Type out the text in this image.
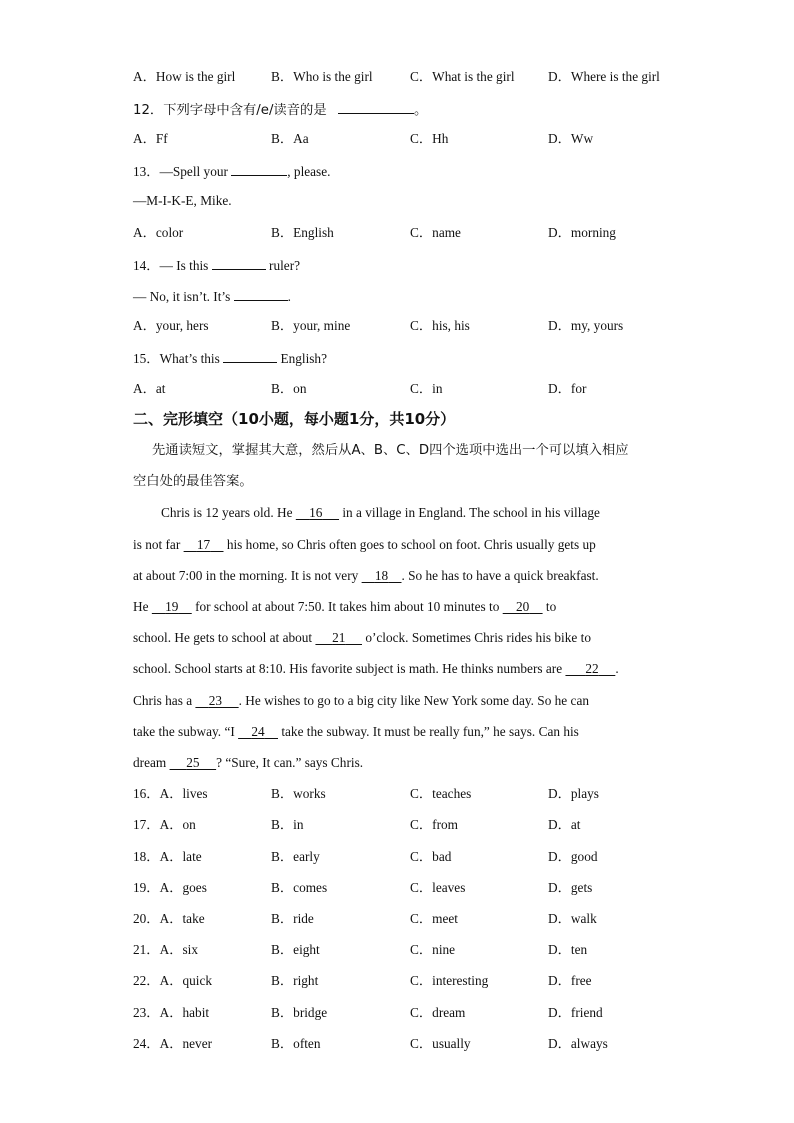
A．How is the girl	B．Who is the girl	C．What is the girl	D．Where is the girl
12．下列字母中含有/e/读音的是	。
A．Ff	B．Aa	C．Hh	D．Ww
13．—Spell your	, please.
—M-I-K-E, Mike.
A．color	B．English	C．name	D．morning
14．— Is this	ruler?
— No, it isn’t. It’s	.
A．your, hers	B．your, mine	C．his, his	D．my, yours
15．What’s this	English?
A．at	B．on	C．in	D．for
二、完形填空（10小题，每小题1分，共10分）
先通读短文，掌握其大意，然后从A、B、C、D四个选项中选出一个可以填入相应
空白处的最佳答案。
Chris is 12 years old. He 16 in a village in England. The school in his village
is not far 17 his home, so Chris often goes to school on foot. Chris usually gets up
at about 7:00 in the morning. It is not very 18 . So he has to have a quick breakfast.
He 19 for school at about 7:50. It takes him about 10 minutes to 20 to
school. He gets to school at about 21 o’clock. Sometimes Chris rides his bike to
school. School starts at 8:10. His favorite subject is math. He thinks numbers are 22 .
Chris has a 23 . He wishes to go to a big city like New York some day. So he can
take the subway. “I 24 take the subway. It must be really fun,” he says. Can his
dream 25 ? “Sure, It can.” says Chris.
16．A．lives	B．works	C．teaches	D．plays
17．A．on	B．in	C．from	D．at
18．A．late	B．early	C．bad	D．good
19．A．goes	B．comes	C．leaves	D．gets
20．A．take	B．ride	C．meet	D．walk
21．A．six	B．eight	C．nine	D．ten
22．A．quick	B．right	C．interesting	D．free
23．A．habit	B．bridge	C．dream	D．friend
24．A．never	B．often	C．usually	D．always
